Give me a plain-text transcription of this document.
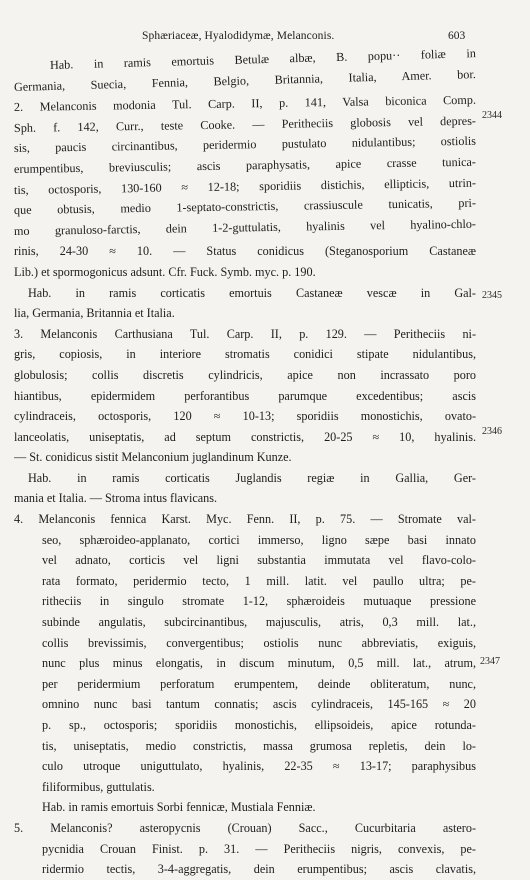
Sphæriaceæ, Hyalodidymæ, Melanconis.	603
Hab. in ramis emortuis Betulæ albæ, B. popu·· foliæ in
Germania, Suecia, Fennia, Belgio, Britannia, Italia, Amer. bor.
2. Melanconis modonia Tul. Carp. II, p. 141, Valsa biconica Comp.
Sph. f. 142, Curr., teste Cooke. — Peritheciis globosis vel depres-
sis, paucis circinantibus, peridermio pustulato nidulantibus; ostiolis
erumpentibus, breviusculis; ascis paraphysatis, apice crasse tunica-
tis, octosporis, 130-160 ≈ 12-18; sporidiis distichis, ellipticis, utrin-
que obtusis, medio 1-septato-constrictis, crassiuscule tunicatis, pri-
mo granuloso-farctis, dein 1-2-guttulatis, hyalinis vel hyalino-chlo-
rinis, 24-30 ≈ 10. — Status conidicus (Steganosporium Castaneæ
Lib.) et spormogonicus adsunt. Cfr. Fuck. Symb. myc. p. 190.
Hab. in ramis corticatis emortuis Castaneæ vescæ in Gal-
lia, Germania, Britannia et Italia.
3. Melanconis Carthusiana Tul. Carp. II, p. 129. — Peritheciis ni-
gris, copiosis, in interiore stromatis conidici stipate nidulantibus,
globulosis; collis discretis cylindricis, apice non incrassato poro
hiantibus, epidermidem perforantibus parumque excedentibus; ascis
cylindraceis, octosporis, 120 ≈ 10-13; sporidiis monostichis, ovato-
lanceolatis, uniseptatis, ad septum constrictis, 20-25 ≈ 10, hyalinis.
— St. conidicus sistit Melanconium juglandinum Kunze.
Hab. in ramis corticatis Juglandis regiæ in Gallia, Ger-
mania et Italia. — Stroma intus flavicans.
4. Melanconis fennica Karst. Myc. Fenn. II, p. 75. — Stromate val-
seo, sphæroideo-applanato, cortici immerso, ligno sæpe basi innato
vel adnato, corticis vel ligni substantia immutata vel flavo-colo-
rata formato, peridermio tecto, 1 mill. latit. vel paullo ultra; pe-
ritheciis in singulo stromate 1-12, sphæroideis mutuaque pressione
subinde angulatis, subcircinantibus, majusculis, atris, 0,3 mill. lat.,
collis brevissimis, convergentibus; ostiolis nunc abbreviatis, exiguis,
nunc plus minus elongatis, in discum minutum, 0,5 mill. lat., atrum,
per peridermium perforatum erumpentem, deinde obliteratum, nunc,
omnino nunc basi tantum connatis; ascis cylindraceis, 145-165 ≈ 20
p. sp., octosporis; sporidiis monostichis, ellipsoideis, apice rotunda-
tis, uniseptatis, medio constrictis, massa grumosa repletis, dein lo-
culo utroque uniguttulato, hyalinis, 22-35 ≈ 13-17; paraphysibus
filiformibus, guttulatis.
Hab. in ramis emortuis Sorbi fennicæ, Mustiala Fenniæ.
5. Melanconis? asteropycnis (Crouan) Sacc., Cucurbitaria astero-
pycnidia Crouan Finist. p. 31. — Peritheciis nigris, convexis, pe-
ridermio tectis, 3-4-aggregatis, dein erumpentibus; ascis clavatis,
2344
2345
2346
2347
